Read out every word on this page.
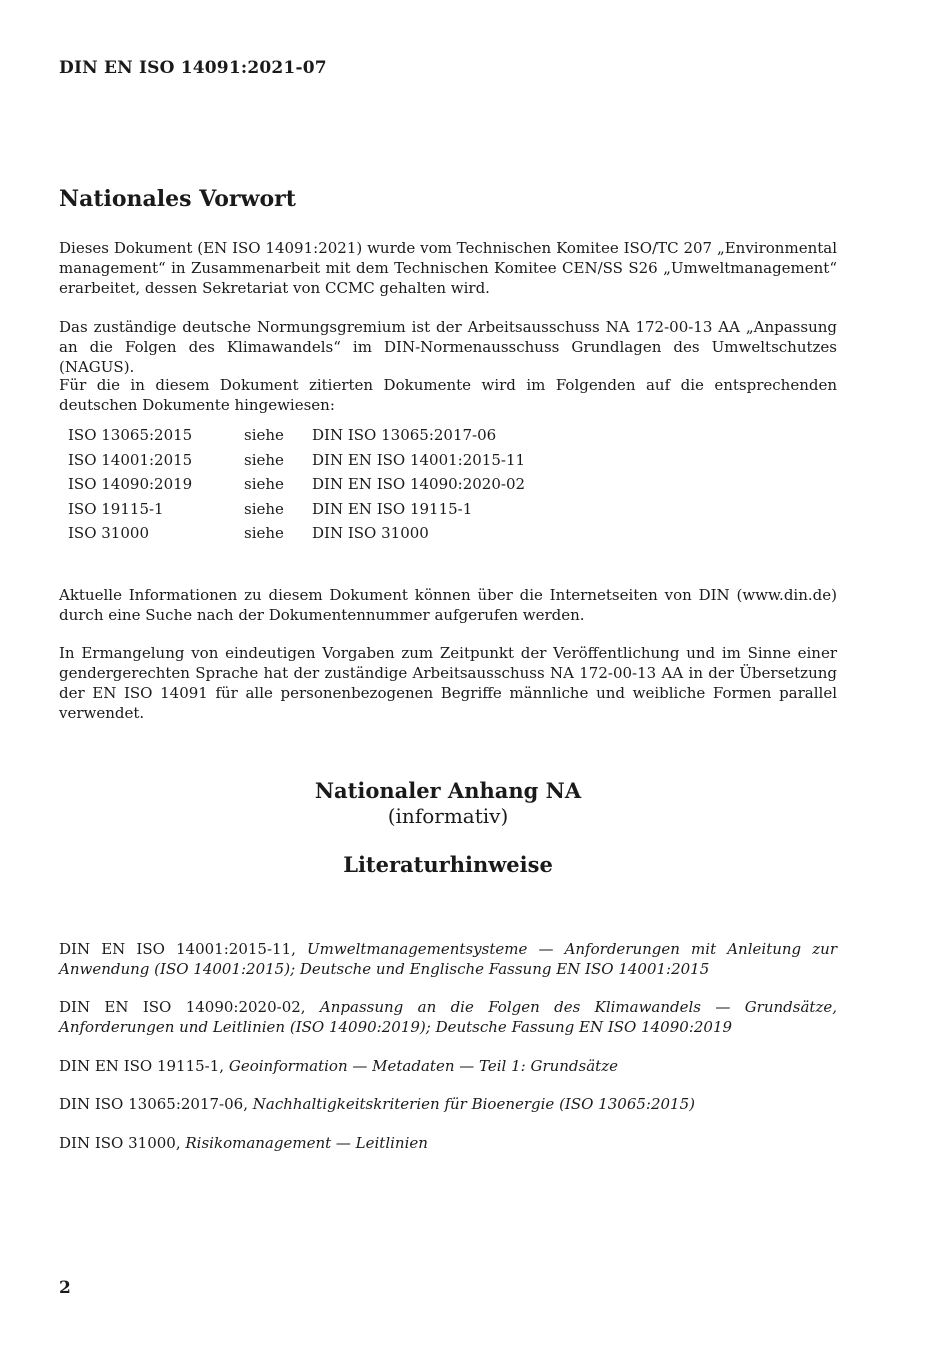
DIN EN ISO 14091:2021-07
Nationales Vorwort

Dieses Dokument (EN ISO 14091:2021) wurde vom Technischen Komitee ISO/TC 207 „Environmental management“ in Zusammenarbeit mit dem Technischen Komitee CEN/SS S26 „Umweltmanagement“ erarbeitet, dessen Sekretariat von CCMC gehalten wird.

Das zuständige deutsche Normungsgremium ist der Arbeitsausschuss NA 172-00-13 AA „Anpassung an die Folgen des Klimawandels“ im DIN-Normenausschuss Grundlagen des Umweltschutzes (NAGUS).

Für die in diesem Dokument zitierten Dokumente wird im Folgenden auf die entsprechenden deutschen Dokumente hingewiesen:

ISO 13065:2015	siehe	DIN ISO 13065:2017-06
ISO 14001:2015	siehe	DIN EN ISO 14001:2015-11
ISO 14090:2019	siehe	DIN EN ISO 14090:2020-02
ISO 19115-1	siehe	DIN EN ISO 19115-1
ISO 31000	siehe	DIN ISO 31000

Aktuelle Informationen zu diesem Dokument können über die Internetseiten von DIN (www.din.de) durch eine Suche nach der Dokumentennummer aufgerufen werden.

In Ermangelung von eindeutigen Vorgaben zum Zeitpunkt der Veröffentlichung und im Sinne einer gendergerechten Sprache hat der zuständige Arbeitsausschuss NA 172-00-13 AA in der Übersetzung der EN ISO 14091 für alle personenbezogenen Begriffe männliche und weibliche Formen parallel verwendet.

Nationaler Anhang NA
(informativ)
Literaturhinweise

DIN EN ISO 14001:2015-11, Umweltmanagementsysteme — Anforderungen mit Anleitung zur Anwendung (ISO 14001:2015); Deutsche und Englische Fassung EN ISO 14001:2015

DIN EN ISO 14090:2020-02, Anpassung an die Folgen des Klimawandels — Grundsätze, Anforderungen und Leitlinien (ISO 14090:2019); Deutsche Fassung EN ISO 14090:2019

DIN EN ISO 19115-1, Geoinformation — Metadaten — Teil 1: Grundsätze

DIN ISO 13065:2017-06, Nachhaltigkeitskriterien für Bioenergie (ISO 13065:2015)

DIN ISO 31000, Risikomanagement — Leitlinien

2
